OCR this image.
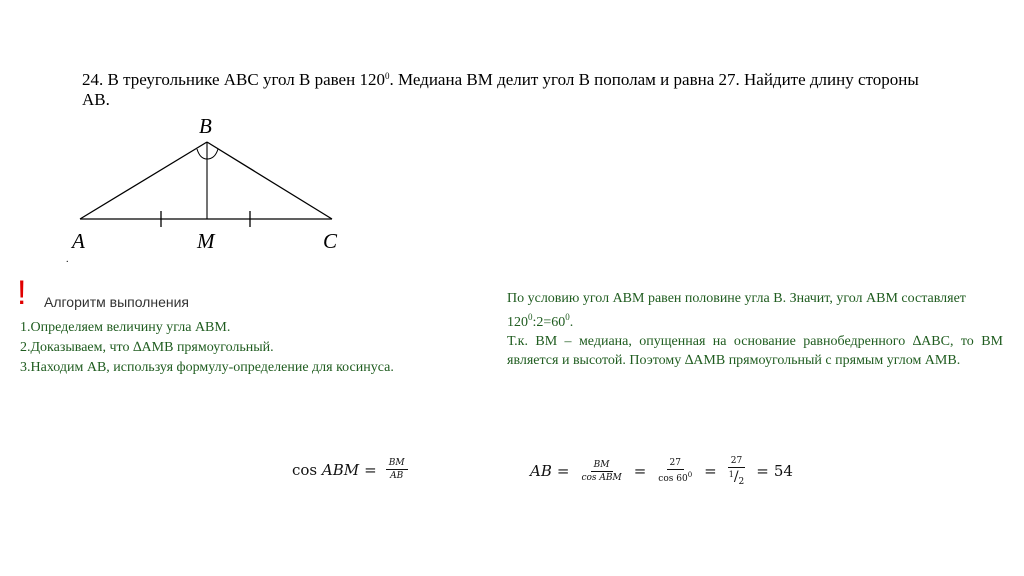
24. В треугольнике АВС угол В равен $120^0$. Медиана ВМ делит угол В пополам и равна 27. Найдите длину стороны АВ.
B
A	M	C
.
! Алгоритм выполнения
1.Определяем величину угла АВМ.
2.Доказываем, что ∆АМВ прямоугольный.
3.Находим АВ, используя формулу-определение для косинуса.

По условию угол АВМ равен половине угла В. Значит, угол АВМ составляет

$120^0:2=60^0$.

Т.к. ВМ – медиана, опущенная на основание равнобедренного ∆АВС, то ВМ является и высотой. Поэтому ∆АМВ прямоугольный с прямым углом АМВ.

cos
ABM = $\frac{BM}{AB}$	AB = $\frac{BM}{\text{cos ABM}} = \frac{27}{\cos 60^0} = \frac{27}{^1/_2} = 54$
